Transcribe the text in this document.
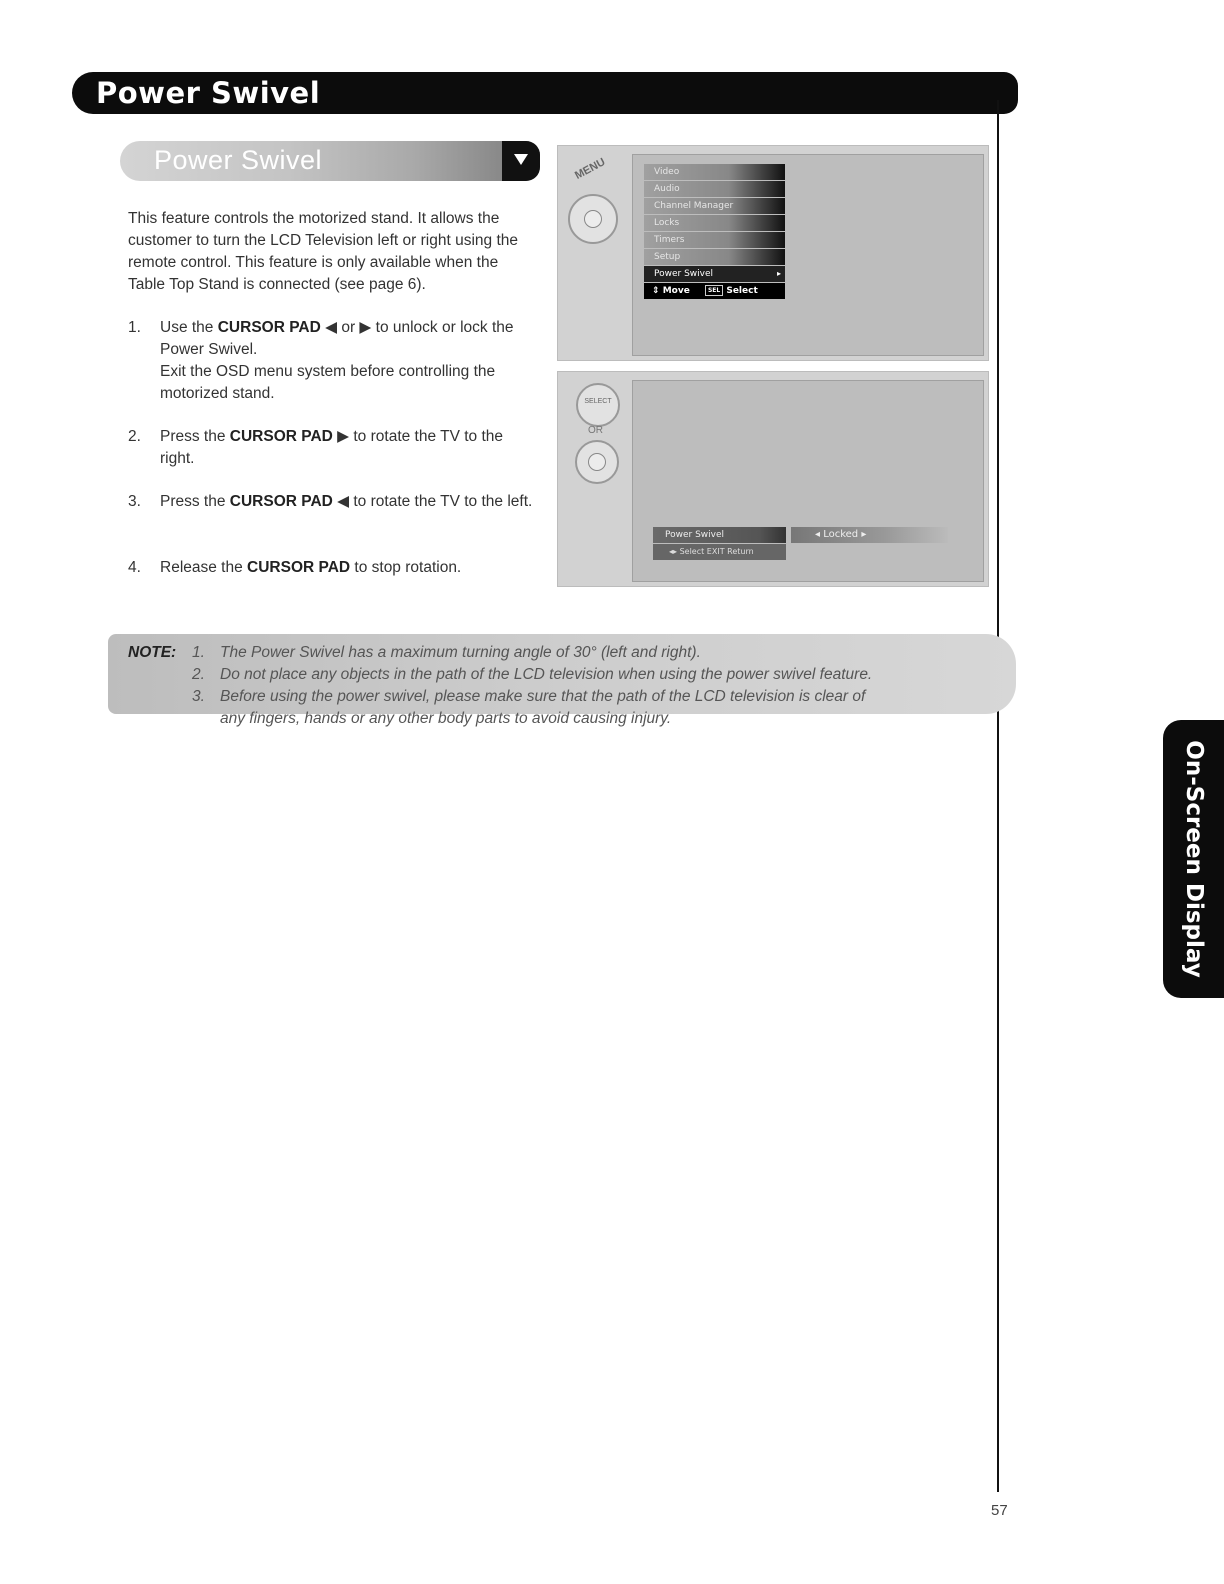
Power Swivel
Power Swivel

This feature controls the motorized stand. It allows the customer to turn the LCD Television left or right using the remote control. This feature is only available when the Table Top Stand is connected (see page 6).

1. Use the CURSOR PAD ◀ or ▶ to unlock or lock the Power Swivel.
Exit the OSD menu system before controlling the motorized stand.
2. Press the CURSOR PAD ▶ to rotate the TV to the right.
3. Press the CURSOR PAD ◀ to rotate the TV to the left.
4. Release the CURSOR PAD to stop rotation.
MENU	Video
Audio
Channel Manager
Locks
Timers
Setup
Power Swivel	▸
⇕ Move	SEL Select
SELECT
OR
Power Swivel	◂ Locked ▸
◂▸ Select EXIT Return
NOTE: 1. The Power Swivel has a maximum turning angle of 30° (left and right).
2. Do not place any objects in the path of the LCD television when using the power swivel feature.
3. Before using the power swivel, please make sure that the path of the LCD television is clear of
any fingers, hands or any other body parts to avoid causing injury.
On-Screen Display
57
